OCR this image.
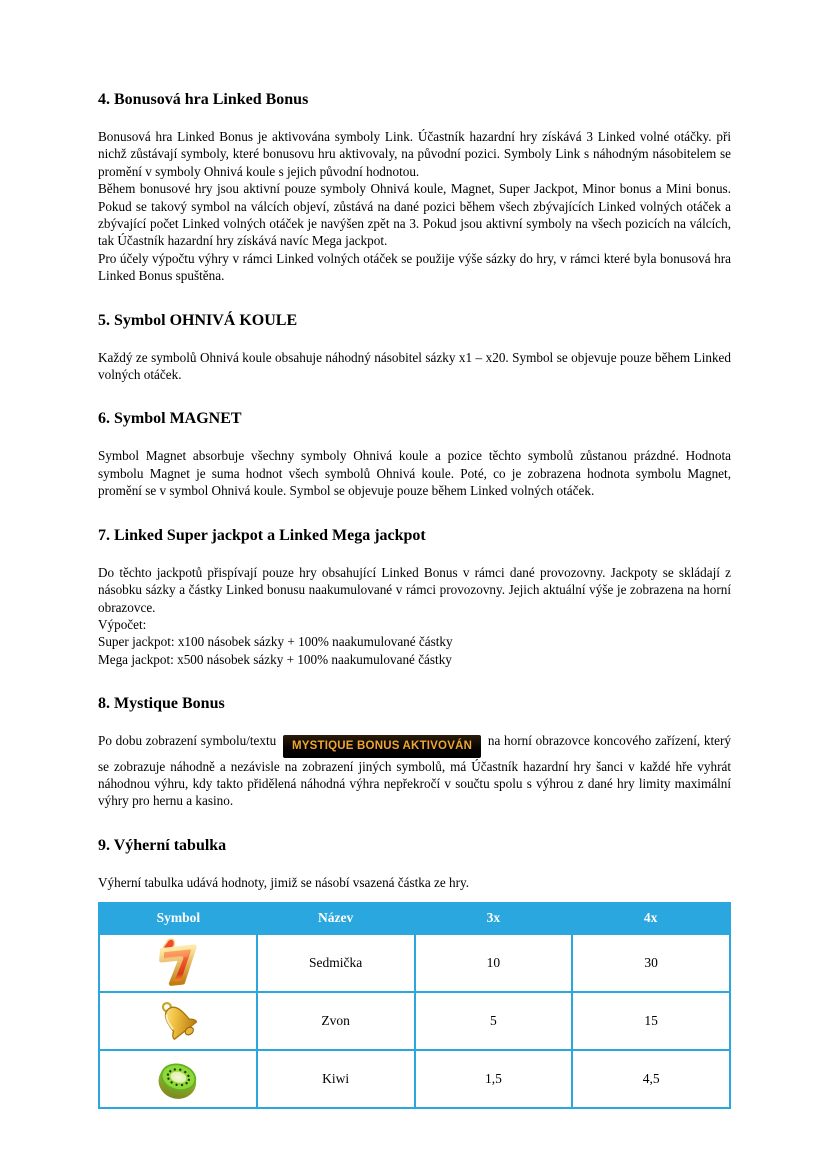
4. Bonusová hra Linked Bonus

Bonusová hra Linked Bonus je aktivována symboly Link. Účastník hazardní hry získává 3 Linked volné otáčky. při nichž zůstávají symboly, které bonusovu hru aktivovaly, na původní pozici. Symboly Link s náhodným násobitelem se promění v symboly Ohnivá koule s jejich původní hodnotou.

Během bonusové hry jsou aktivní pouze symboly Ohnivá koule, Magnet, Super Jackpot, Minor bonus a Mini bonus. Pokud se takový symbol na válcích objeví, zůstává na dané pozici během všech zbývajících Linked volných otáček a zbývající počet Linked volných otáček je navýšen zpět na 3. Pokud jsou aktivní symboly na všech pozicích na válcích, tak Účastník hazardní hry získává navíc Mega jackpot.

Pro účely výpočtu výhry v rámci Linked volných otáček se použije výše sázky do hry, v rámci které byla bonusová hra Linked Bonus spuštěna.

5. Symbol OHNIVÁ KOULE

Každý ze symbolů Ohnivá koule obsahuje náhodný násobitel sázky x1 – x20. Symbol se objevuje pouze během Linked volných otáček.

6. Symbol MAGNET

Symbol Magnet absorbuje všechny symboly Ohnivá koule a pozice těchto symbolů zůstanou prázdné. Hodnota symbolu Magnet je suma hodnot všech symbolů Ohnivá koule. Poté, co je zobrazena hodnota symbolu Magnet, promění se v symbol Ohnivá koule. Symbol se objevuje pouze během Linked volných otáček.

7. Linked Super jackpot a Linked Mega jackpot

Do těchto jackpotů přispívají pouze hry obsahující Linked Bonus v rámci dané provozovny. Jackpoty se skládají z násobku sázky a částky Linked bonusu naakumulované v rámci provozovny. Jejich aktuální výše je zobrazena na horní obrazovce.

Výpočet:

Super jackpot: x100 násobek sázky + 100% naakumulované částky

Mega jackpot: x500 násobek sázky + 100% naakumulované částky

8. Mystique Bonus

Po dobu zobrazení symbolu/textu MYSTIQUE BONUS AKTIVOVÁN na horní obrazovce koncového zařízení, který se zobrazuje náhodně a nezávisle na zobrazení jiných symbolů, má Účastník hazardní hry šanci v každé hře vyhrát náhodnou výhru, kdy takto přidělená náhodná výhra nepřekročí v součtu spolu s výhrou z dané hry limity maximální výhry pro hernu a kasino.

9. Výherní tabulka

Výherní tabulka udává hodnoty, jimiž se násobí vsazená částka ze hry.

Symbol	Název	3x	4x

	Sedmička	10	30

	Zvon	5	15

	Kiwi	1,5	4,5
